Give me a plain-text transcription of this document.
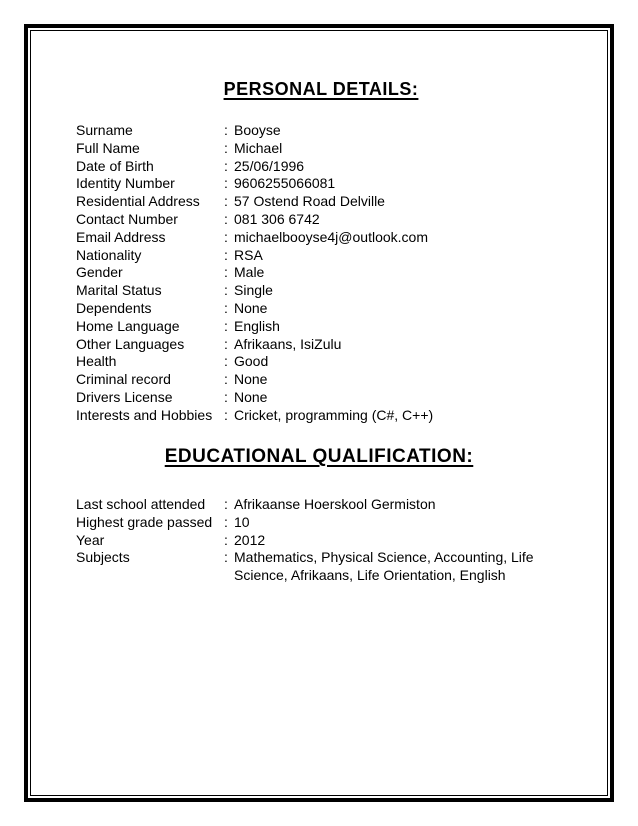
PERSONAL DETAILS:
Surname	: Booyse
Full Name	: Michael
Date of Birth	: 25/06/1996
Identity Number	: 9606255066081
Residential Address	: 57 Ostend Road Delville
Contact Number	: 081 306 6742
Email Address	: michaelbooyse4j@outlook.com
Nationality	: RSA
Gender	: Male
Marital Status	: Single
Dependents	: None
Home Language	: English
Other Languages	: Afrikaans, IsiZulu
Health	: Good
Criminal record	: None
Drivers License	: None
Interests and Hobbies : Cricket, programming (C#, C++)
EDUCATIONAL QUALIFICATION:
Last school attended	: Afrikaanse Hoerskool Germiston
Highest grade passed : 10
Year	: 2012
Subjects	: Mathematics, Physical Science, Accounting, Life
Science, Afrikaans, Life Orientation, English
